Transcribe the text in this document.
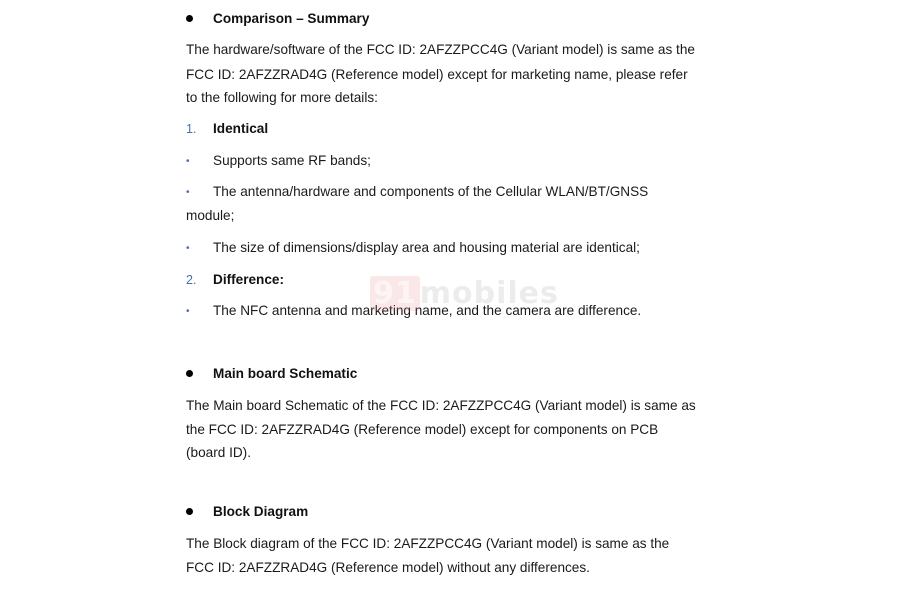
Comparison – Summary
The hardware/software of the FCC ID: 2AFZZPCC4G (Variant model) is same as the
FCC ID: 2AFZZRAD4G (Reference model) except for marketing name, please refer
to the following for more details:
1. Identical
• Supports same RF bands;
• The antenna/hardware and components of the Cellular WLAN/BT/GNSS
module;
• The size of dimensions/display area and housing material are identical;
2. Difference:
• The NFC antenna and marketing name, and the camera are difference.
91 mobiles
Main board Schematic
The Main board Schematic of the FCC ID: 2AFZZPCC4G (Variant model) is same as
the FCC ID: 2AFZZRAD4G (Reference model) except for components on PCB
(board ID).
Block Diagram
The Block diagram of the FCC ID: 2AFZZPCC4G (Variant model) is same as the
FCC ID: 2AFZZRAD4G (Reference model) without any differences.
